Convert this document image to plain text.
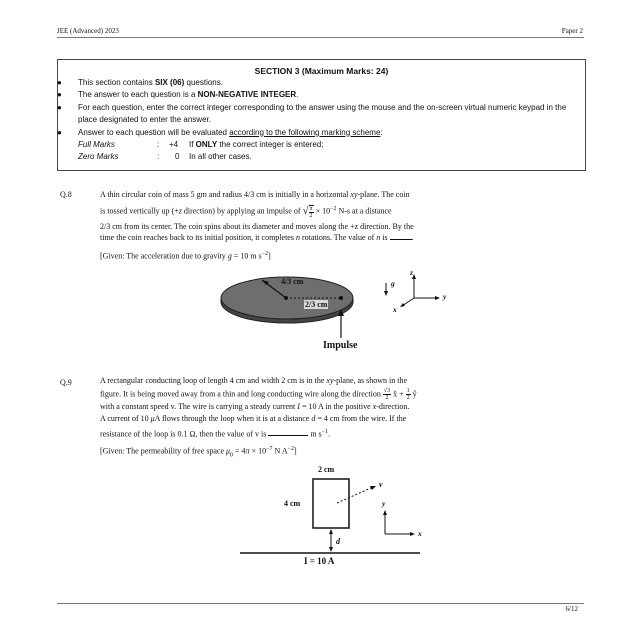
JEE (Advanced) 2023	Paper 2
SECTION 3 (Maximum Marks: 24)
● This section contains SIX (06) questions.
● The answer to each question is a NON-NEGATIVE INTEGER.
● For each question, enter the correct integer corresponding to the answer using the mouse and the on-screen virtual numeric keypad in the place designated to enter the answer.
● Answer to each question will be evaluated according to the following marking scheme:
Full Marks	: +4 If ONLY the correct integer is entered;
Zero Marks	: 0 In all other cases.
Q.8	A thin circular coin of mass 5 gm and radius 4/3 cm is initially in a horizontal xy-plane. The coin
is tossed vertically up (+z direction) by applying an impulse of √ $\frac{\pi}{2} \times 10^{-2}$ N-s at a distance
2/3 cm from its center. The coin spins about its diameter and moves along the +z direction. By the
time the coin reaches back to its initial position, it completes n rotations. The value of n is	.
[Given: The acceleration due to gravity g = 10 m $s^{-2}$]
4/3 cm
2/3 cm
Impulse
g
z
y
x
Q.9	A rectangular conducting loop of length 4 cm and width 2 cm is in the xy-plane, as shown in the
figure. It is being moved away from a thin and long conducting wire along the direction $\frac{√3}{2}$ x̂ + $\frac{1}{2}$ ŷ
with a constant speed v. The wire is carrying a steady current I = 10 A in the positive x-direction.
A current of 10 μA flows through the loop when it is at a distance d = 4 cm from the wire. If the
resistance of the loop is 0.1 Ω, then the value of v is	m $s^{-1}$.
[Given: The permeability of free space $\mu_0 = 4\pi \times 10^{-7}$ N $A^{-2}$]
2 cm
4 cm
d
v
y
x
I = 10 A
6/12
